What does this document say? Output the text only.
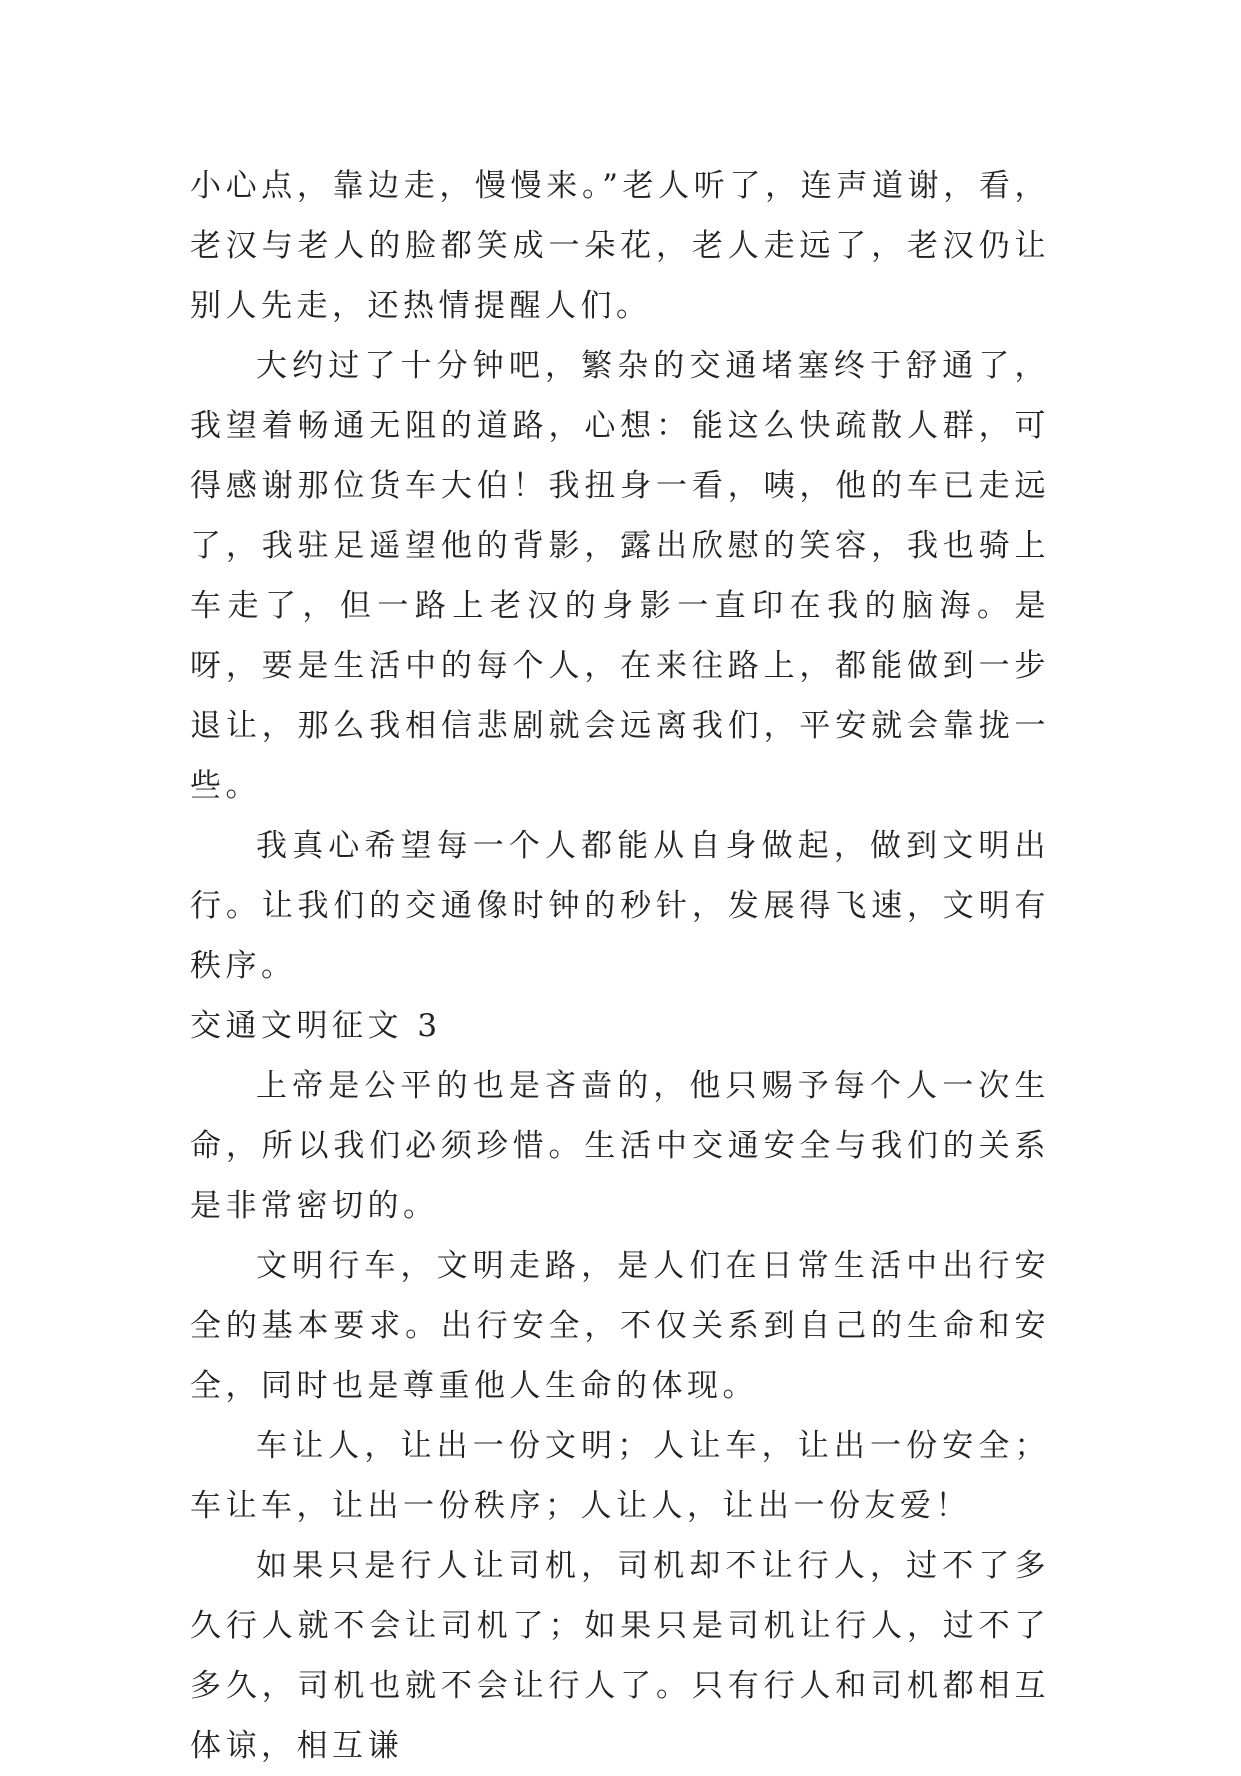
小心点，靠边走，慢慢来。”老人听了，连声道谢，看，老汉与老人的脸都笑成一朵花，老人走远了，老汉仍让别人先走，还热情提醒人们。

大约过了十分钟吧，繁杂的交通堵塞终于舒通了，我望着畅通无阻的道路，心想：能这么快疏散人群，可得感谢那位货车大伯！我扭身一看，咦，他的车已走远了，我驻足遥望他的背影，露出欣慰的笑容，我也骑上车走了，但一路上老汉的身影一直印在我的脑海。是呀，要是生活中的每个人，在来往路上，都能做到一步退让，那么我相信悲剧就会远离我们，平安就会靠拢一些。

我真心希望每一个人都能从自身做起，做到文明出行。让我们的交通像时钟的秒针，发展得飞速，文明有秩序。

交通文明征文 3

上帝是公平的也是吝啬的，他只赐予每个人一次生命，所以我们必须珍惜。生活中交通安全与我们的关系是非常密切的。

文明行车，文明走路，是人们在日常生活中出行安全的基本要求。出行安全，不仅关系到自己的生命和安全，同时也是尊重他人生命的体现。

车让人，让出一份文明；人让车，让出一份安全；车让车，让出一份秩序；人让人，让出一份友爱！

如果只是行人让司机，司机却不让行人，过不了多久行人就不会让司机了；如果只是司机让行人，过不了多久，司机也就不会让行人了。只有行人和司机都相互体谅，相互谦
